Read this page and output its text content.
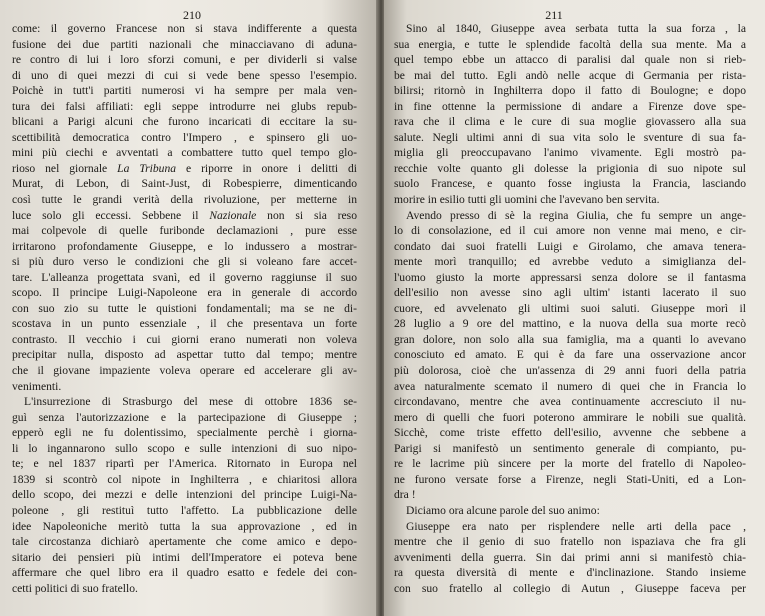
210
come: il governo Francese non si stava indifferente a questa
fusione dei due partiti nazionali che minacciavano di aduna-
re contro di lui i loro sforzi comuni, e per dividerli si valse
di uno di quei mezzi di cui si vede bene spesso l'esempio.
Poichè in tutt'i partiti numerosi vi ha sempre per mala ven-
tura dei falsi affiliati: egli seppe introdurre nei glubs repub-
blicani a Parigi alcuni che furono incaricati di eccitare la su-
scettibilità democratica contro l'Impero , e spinsero gli uo-
mini più ciechi e avventati a combattere tutto quel tempo glo-
rioso nel giornale La Tribuna e riporre in onore i delitti di
Murat, di Lebon, di Saint-Just, di Robespierre, dimenticando
così tutte le grandi verità della rivoluzione, per metterne in
luce solo gli eccessi. Sebbene il Nazionale non si sia reso
mai colpevole di quelle furibonde declamazioni , pure esse
irritarono profondamente Giuseppe, e lo indussero a mostrar-
si più duro verso le condizioni che gli si voleano fare accet-
tare. L'alleanza progettata svanì, ed il governo raggiunse il suo
scopo. Il principe Luigi-Napoleone era in generale di accordo
con suo zio su tutte le quistioni fondamentali; ma se ne di-
scostava in un punto essenziale , il che presentava un forte
contrasto. Il vecchio i cui giorni erano numerati non voleva
precipitar nulla, disposto ad aspettar tutto dal tempo; mentre
che il giovane impaziente voleva operare ed accelerare gli av-
venimenti.
L'insurrezione di Strasburgo del mese di ottobre 1836 se-
guì senza l'autorizzazione e la partecipazione di Giuseppe ;
epperò egli ne fu dolentissimo, specialmente perchè i giorna-
li lo ingannarono sullo scopo e sulle intenzioni di suo nipo-
te; e nel 1837 ripartì per l'America. Ritornato in Europa nel
1839 si scontrò col nipote in Inghilterra , e chiaritosi allora
dello scopo, dei mezzi e delle intenzioni del principe Luigi-Na-
poleone , gli restituì tutto l'affetto. La pubblicazione delle
idee Napoleoniche meritò tutta la sua approvazione , ed in
tale circostanza dichiarò apertamente che come amico e depo-
sitario dei pensieri più intimi dell'Imperatore ei poteva bene
affermare che quel libro era il quadro esatto e fedele dei con-
cetti politici di suo fratello.
211
Sino al 1840, Giuseppe avea serbata tutta la sua forza , la
sua energia, e tutte le splendide facoltà della sua mente. Ma a
quel tempo ebbe un attacco di paralisi dal quale non si rieb-
be mai del tutto. Egli andò nelle acque di Germania per rista-
bilirsi; ritornò in Inghilterra dopo il fatto di Boulogne; e dopo
in fine ottenne la permissione di andare a Firenze dove spe-
rava che il clima e le cure di sua moglie giovassero alla sua
salute. Negli ultimi anni di sua vita solo le sventure di sua fa-
miglia gli preoccupavano l'animo vivamente. Egli mostrò pa-
recchie volte quanto gli dolesse la prigionia di suo nipote sul
suolo Francese, e quanto fosse ingiusta la Francia, lasciando
morire in esilio tutti gli uomini che l'avevano ben servita.
Avendo presso di sè la regina Giulia, che fu sempre un ange-
lo di consolazione, ed il cui amore non venne mai meno, e cir-
condato dai suoi fratelli Luigi e Girolamo, che amava tenera-
mente morì tranquillo; ed avrebbe veduto a simiglianza del-
l'uomo giusto la morte appressarsi senza dolore se il fantasma
dell'esilio non avesse sino agli ultim' istanti lacerato il suo
cuore, ed avvelenato gli ultimi suoi saluti. Giuseppe morì il
28 luglio a 9 ore del mattino, e la nuova della sua morte recò
gran dolore, non solo alla sua famiglia, ma a quanti lo avevano
conosciuto ed amato. E qui è da fare una osservazione ancor
più dolorosa, cioè che un'assenza di 29 anni fuori della patria
avea naturalmente scemato il numero di quei che in Francia lo
circondavano, mentre che avea continuamente accresciuto il nu-
mero di quelli che fuori poterono ammirare le nobili sue qualità.
Sicchè, come triste effetto dell'esilio, avvenne che sebbene a
Parigi si manifestò un sentimento generale di compianto, pu-
re le lacrime più sincere per la morte del fratello di Napoleo-
ne furono versate forse a Firenze, negli Stati-Uniti, ed a Lon-
dra !
Diciamo ora alcune parole del suo animo:
Giuseppe era nato per risplendere nelle arti della pace ,
mentre che il genio di suo fratello non ispaziava che fra gli
avvenimenti della guerra. Sin dai primi anni si manifestò chia-
ra questa diversità di mente e d'inclinazione. Stando insieme
con suo fratello al collegio di Autun , Giuseppe faceva per
